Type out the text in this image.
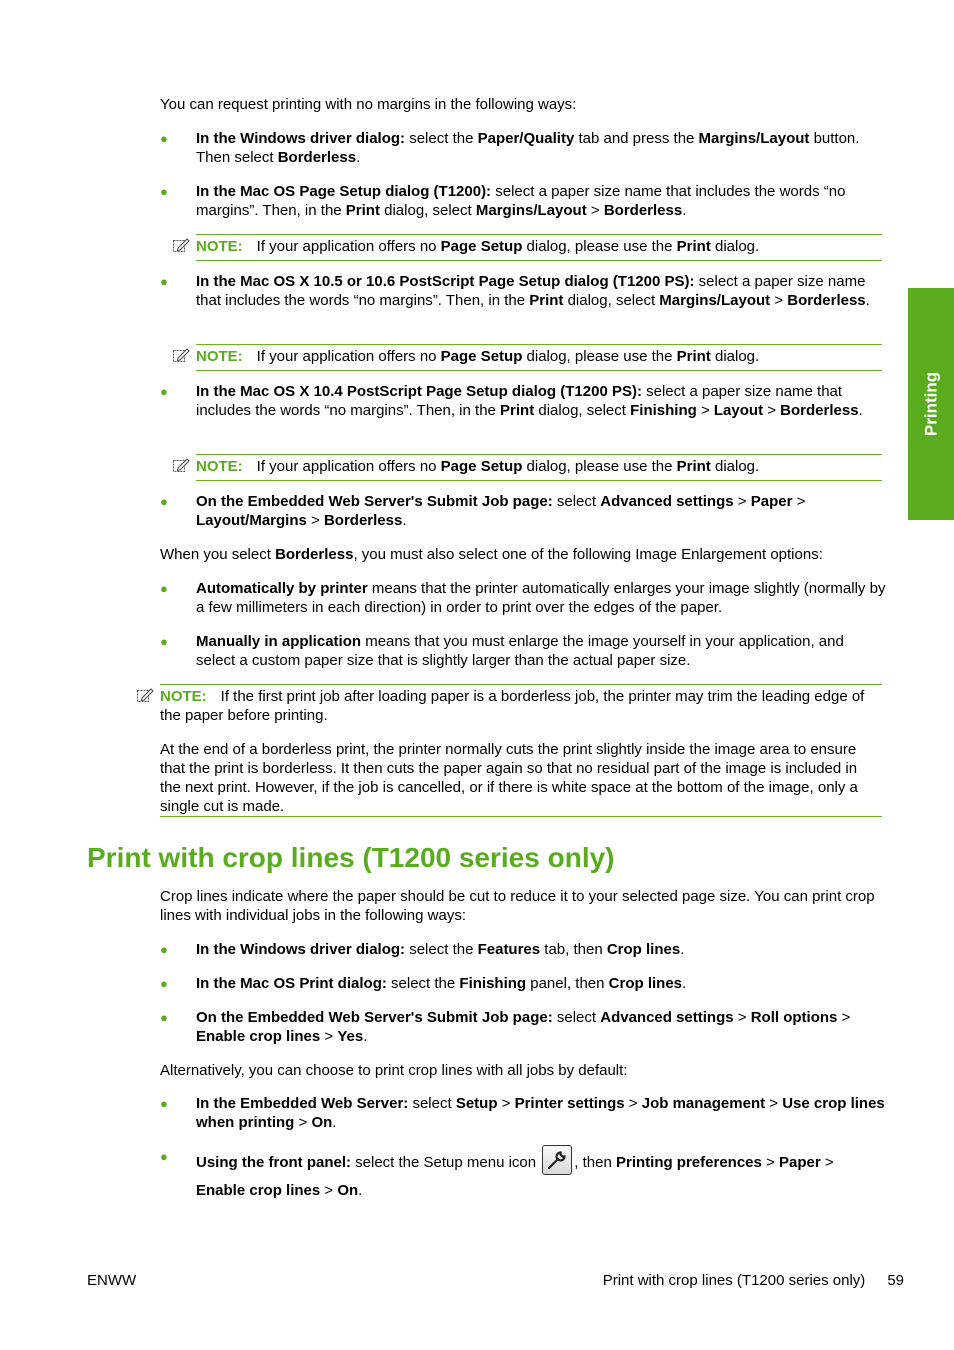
Printing

You can request printing with no margins in the following ways:

● In the Windows driver dialog: select the Paper/Quality tab and press the Margins/Layout button. Then select Borderless.

● In the Mac OS Page Setup dialog (T1200): select a paper size name that includes the words “no margins”. Then, in the Print dialog, select Margins/Layout > Borderless.

NOTE: If your application offers no Page Setup dialog, please use the Print dialog.
● In the Mac OS X 10.5 or 10.6 PostScript Page Setup dialog (T1200 PS): select a paper size name that includes the words “no margins”. Then, in the Print dialog, select Margins/Layout > Borderless.

NOTE: If your application offers no Page Setup dialog, please use the Print dialog.
● In the Mac OS X 10.4 PostScript Page Setup dialog (T1200 PS): select a paper size name that includes the words “no margins”. Then, in the Print dialog, select Finishing > Layout > Borderless.

NOTE: If your application offers no Page Setup dialog, please use the Print dialog.
● On the Embedded Web Server's Submit Job page: select Advanced settings > Paper > Layout/Margins > Borderless.

When you select Borderless, you must also select one of the following Image Enlargement options:

● Automatically by printer means that the printer automatically enlarges your image slightly (normally by a few millimeters in each direction) in order to print over the edges of the paper.

● Manually in application means that you must enlarge the image yourself in your application, and select a custom paper size that is slightly larger than the actual paper size.

NOTE: If the first print job after loading paper is a borderless job, the printer may trim the leading edge of the paper before printing.

At the end of a borderless print, the printer normally cuts the print slightly inside the image area to ensure that the print is borderless. It then cuts the paper again so that no residual part of the image is included in the next print. However, if the job is cancelled, or if there is white space at the bottom of the image, only a single cut is made.

Print with crop lines (T1200 series only)

Crop lines indicate where the paper should be cut to reduce it to your selected page size. You can print crop lines with individual jobs in the following ways:

● In the Windows driver dialog: select the Features tab, then Crop lines.

● In the Mac OS Print dialog: select the Finishing panel, then Crop lines.

● On the Embedded Web Server's Submit Job page: select Advanced settings > Roll options > Enable crop lines > Yes.

Alternatively, you can choose to print crop lines with all jobs by default:

● In the Embedded Web Server: select Setup > Printer settings > Job management > Use crop lines when printing > On.

● Using the front panel: select the Setup menu icon
, then Printing preferences > Paper > Enable crop lines > On.

ENWW	Print with crop lines (T1200 series only) 59
